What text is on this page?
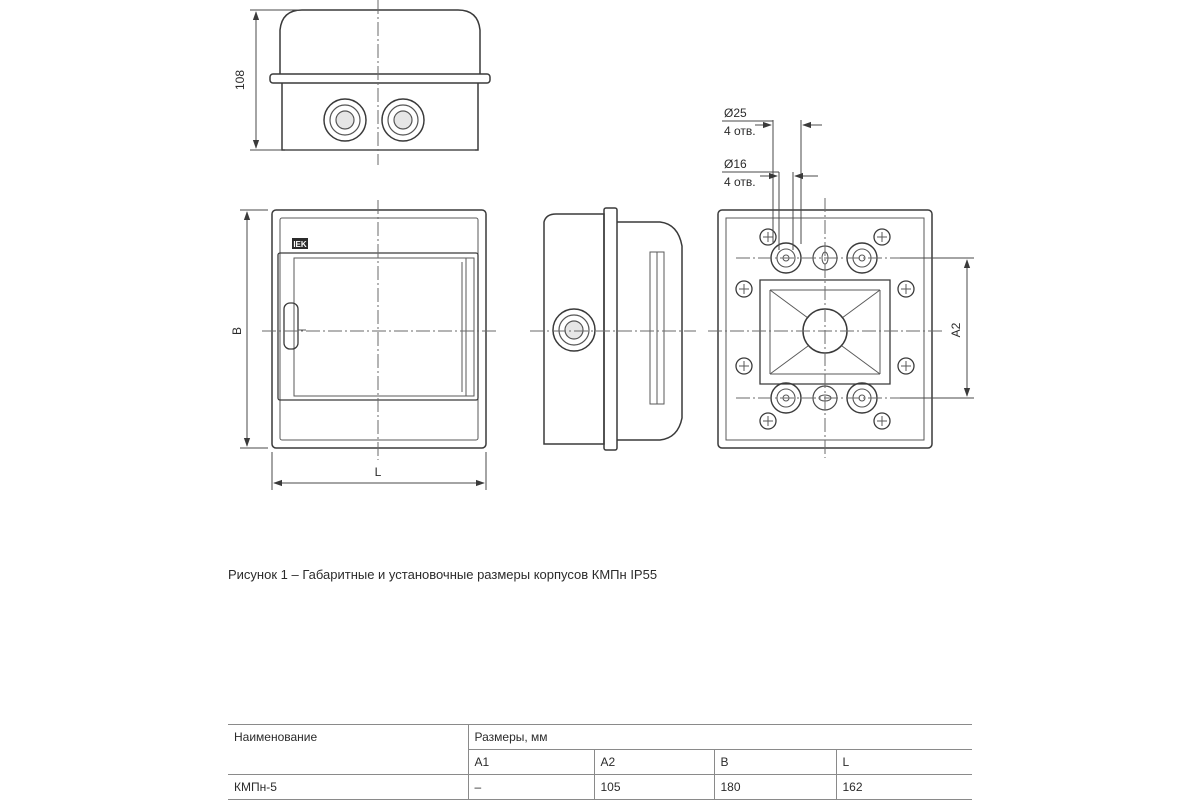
108
IEK
B
L
A2
Ø25
4 отв.
Ø16
4 отв.
Рисунок 1 – Габаритные и установочные размеры корпусов КМПн IP55
Наименование	Размеры, мм			
	A1	A2	B	L
КМПн-5	–	105	180	162
